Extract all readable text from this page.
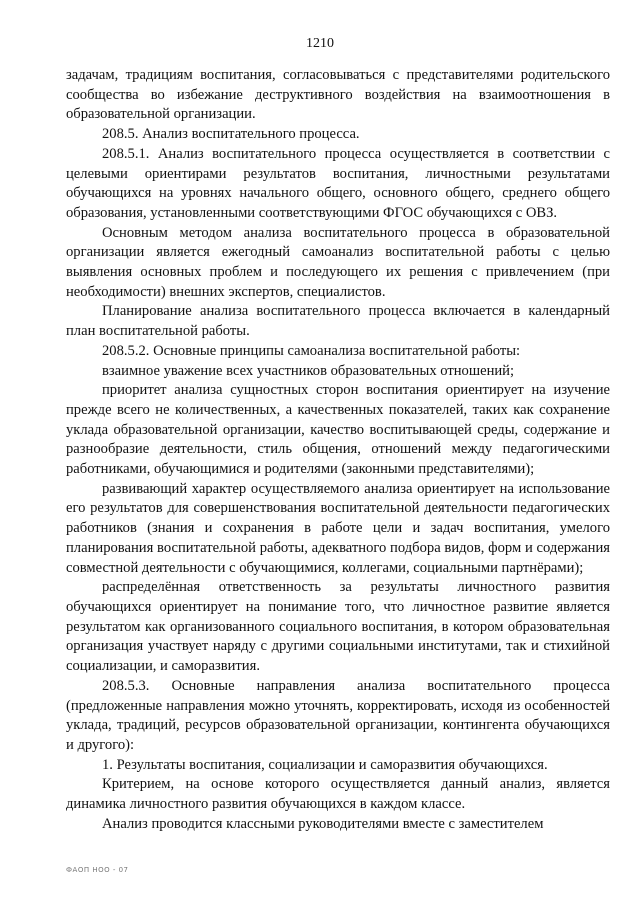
1210

задачам, традициям воспитания, согласовываться с представителями родительского сообщества во избежание деструктивного воздействия на взаимоотношения в образовательной организации.

208.5. Анализ воспитательного процесса.

208.5.1. Анализ воспитательного процесса осуществляется в соответствии с целевыми ориентирами результатов воспитания, личностными результатами обучающихся на уровнях начального общего, основного общего, среднего общего образования, установленными соответствующими ФГОС обучающихся с ОВЗ.

Основным методом анализа воспитательного процесса в образовательной организации является ежегодный самоанализ воспитательной работы с целью выявления основных проблем и последующего их решения с привлечением (при необходимости) внешних экспертов, специалистов.

Планирование анализа воспитательного процесса включается в календарный план воспитательной работы.

208.5.2. Основные принципы самоанализа воспитательной работы:

взаимное уважение всех участников образовательных отношений;

приоритет анализа сущностных сторон воспитания ориентирует на изучение прежде всего не количественных, а качественных показателей, таких как сохранение уклада образовательной организации, качество воспитывающей среды, содержание и разнообразие деятельности, стиль общения, отношений между педагогическими работниками, обучающимися и родителями (законными представителями);

развивающий характер осуществляемого анализа ориентирует на использование его результатов для совершенствования воспитательной деятельности педагогических работников (знания и сохранения в работе цели и задач воспитания, умелого планирования воспитательной работы, адекватного подбора видов, форм и содержания совместной деятельности с обучающимися, коллегами, социальными партнёрами);

распределённая ответственность за результаты личностного развития обучающихся ориентирует на понимание того, что личностное развитие является результатом как организованного социального воспитания, в котором образовательная организация участвует наряду с другими социальными институтами, так и стихийной социализации, и саморазвития.

208.5.3. Основные направления анализа воспитательного процесса (предложенные направления можно уточнять, корректировать, исходя из особенностей уклада, традиций, ресурсов образовательной организации, контингента обучающихся и другого):

1. Результаты воспитания, социализации и саморазвития обучающихся.

Критерием, на основе которого осуществляется данный анализ, является динамика личностного развития обучающихся в каждом классе.

Анализ проводится классными руководителями вместе с заместителем

ФАОП НОО - 07
